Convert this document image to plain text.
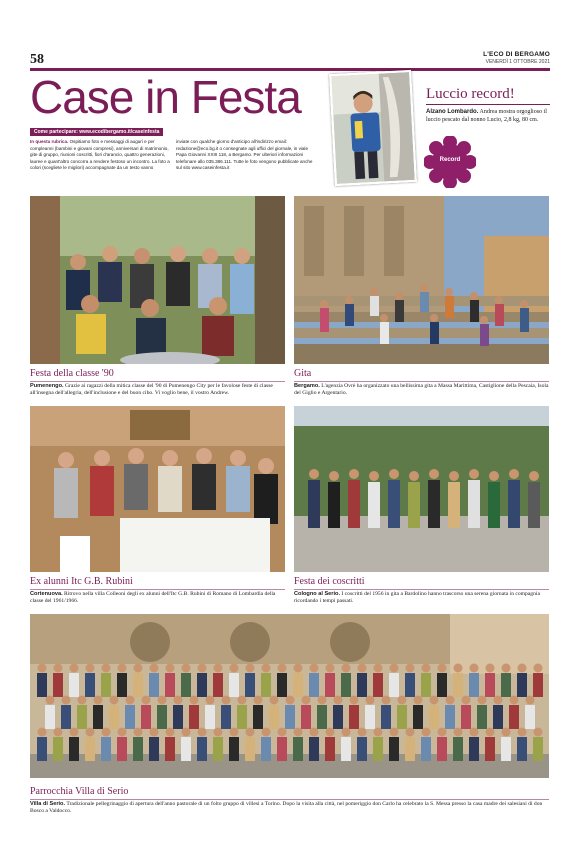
58	L'ECO DI BERGAMO
VENERDÌ 1 OTTOBRE 2021
Case in Festa
Come partecipare: www.ecodibergamo.it/caseinfesta
In questa rubrica. Ospitiamo foto e messaggi di auguri e per compleanni (bambini e giovani compresi), anniversari di matrimonio, gite di gruppo, riunioni coscritti, fiori d'arancio, quattro generazioni, lauree e quant'altro concorra a rendere festoso un incontro. La foto a colori (scegliete le migliori) accompagnate da un testo vanno
inviate con qualche giorno d'anticipo all'indirizzo email: redazione@eco.bg.it o consegnate agli uffici del giornale, in viale Papa Giovanni XXIII 118, a Bergamo. Per ulteriori informazioni telefonare allo 035.386.111. Tutte le foto vengono pubblicate anche sul sito www.caseinfesta.it
Luccio record!
Alzano Lombardo. Andrea mostra orgoglioso il luccio pescato dal nonno Lucio, 2,8 kg, 80 cm.
Record
Festa della classe '90
Pumenengo. Grazie ai ragazzi della mitica classe del '90 di Pumenengo City per le favolose feste di classe all'insegna dell'allegria, dell'inclusione e del buon cibo. Vi voglio bene, il vostro Andrew.
Gita
Bergamo. L'agenzia Ovrè ha organizzato una bellissima gita a Massa Marittima, Castiglione della Pescaia, Isola del Giglio e Argentario.
Ex alunni Itc G.B. Rubini
Cortenuova. Ritrovo nella villa Colleoni degli ex alunni dell'Itc G.B. Rubini di Romano di Lombardia della classe del 1961/1966.
Festa dei coscritti
Cologno al Serio. I coscritti del 1956 in gita a Bardolino hanno trascorso una serena giornata in compagnia ricordando i tempi passati.
Parrocchia Villa di Serio
Villa di Serio. Tradizionale pellegrinaggio di apertura dell'anno pastorale di un folto gruppo di villesi a Torino. Dopo la visita alla città, nel pomeriggio don Carlo ha celebrato la S. Messa presso la casa madre dei salesiani di don Bosco a Valdocco.
